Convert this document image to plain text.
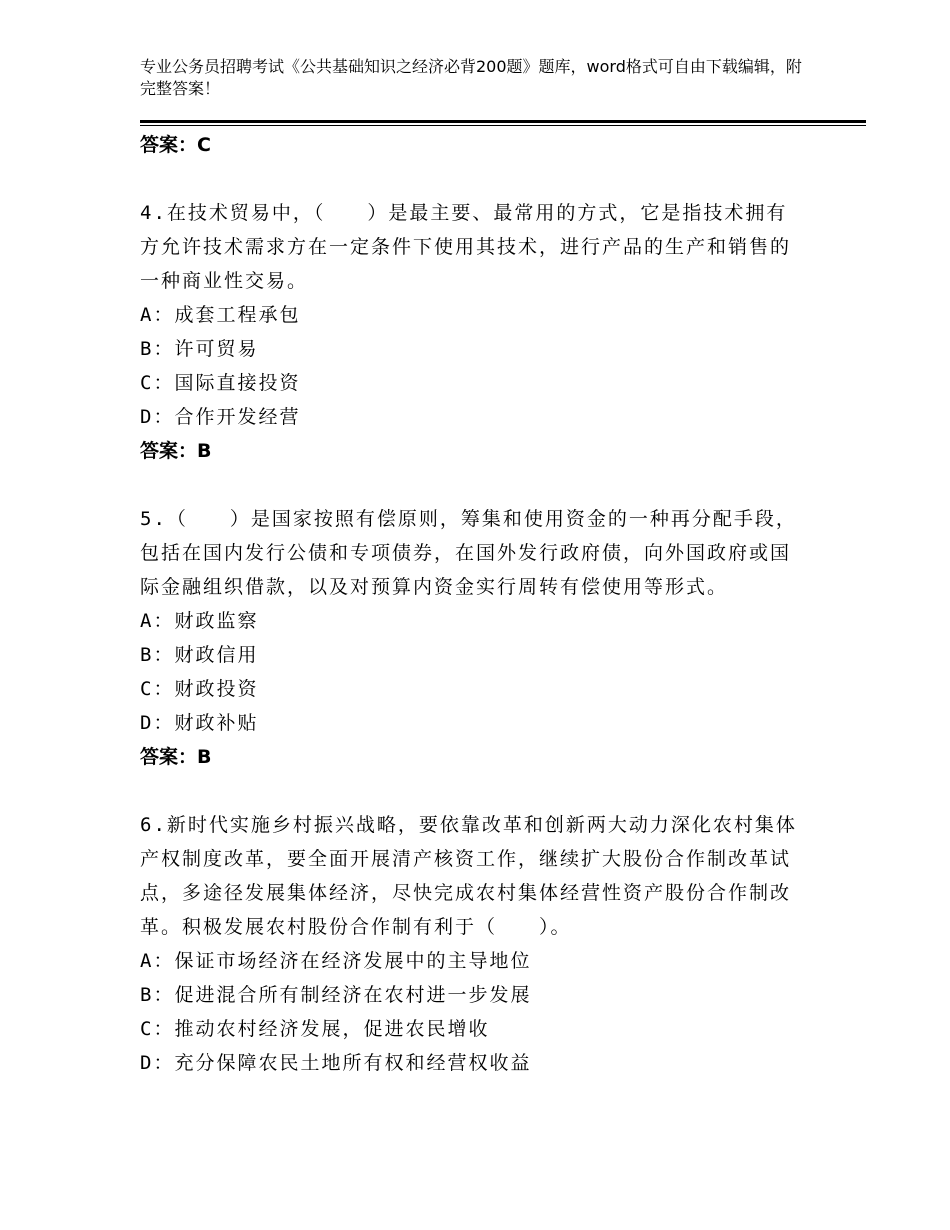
专业公务员招聘考试《公共基础知识之经济必背200题》题库，word格式可自由下载编辑，附完整答案！
答案：C
4.在技术贸易中，（　　）是最主要、最常用的方式，它是指技术拥有方允许技术需求方在一定条件下使用其技术，进行产品的生产和销售的一种商业性交易。
A：成套工程承包
B：许可贸易
C：国际直接投资
D：合作开发经营
答案：B
5.（　　）是国家按照有偿原则，筹集和使用资金的一种再分配手段，包括在国内发行公债和专项债券，在国外发行政府债，向外国政府或国际金融组织借款，以及对预算内资金实行周转有偿使用等形式。
A：财政监察
B：财政信用
C：财政投资
D：财政补贴
答案：B
6.新时代实施乡村振兴战略，要依靠改革和创新两大动力深化农村集体产权制度改革，要全面开展清产核资工作，继续扩大股份合作制改革试点，多途径发展集体经济，尽快完成农村集体经营性资产股份合作制改革。积极发展农村股份合作制有利于（　　）。
A：保证市场经济在经济发展中的主导地位
B：促进混合所有制经济在农村进一步发展
C：推动农村经济发展，促进农民增收
D：充分保障农民土地所有权和经营权收益
